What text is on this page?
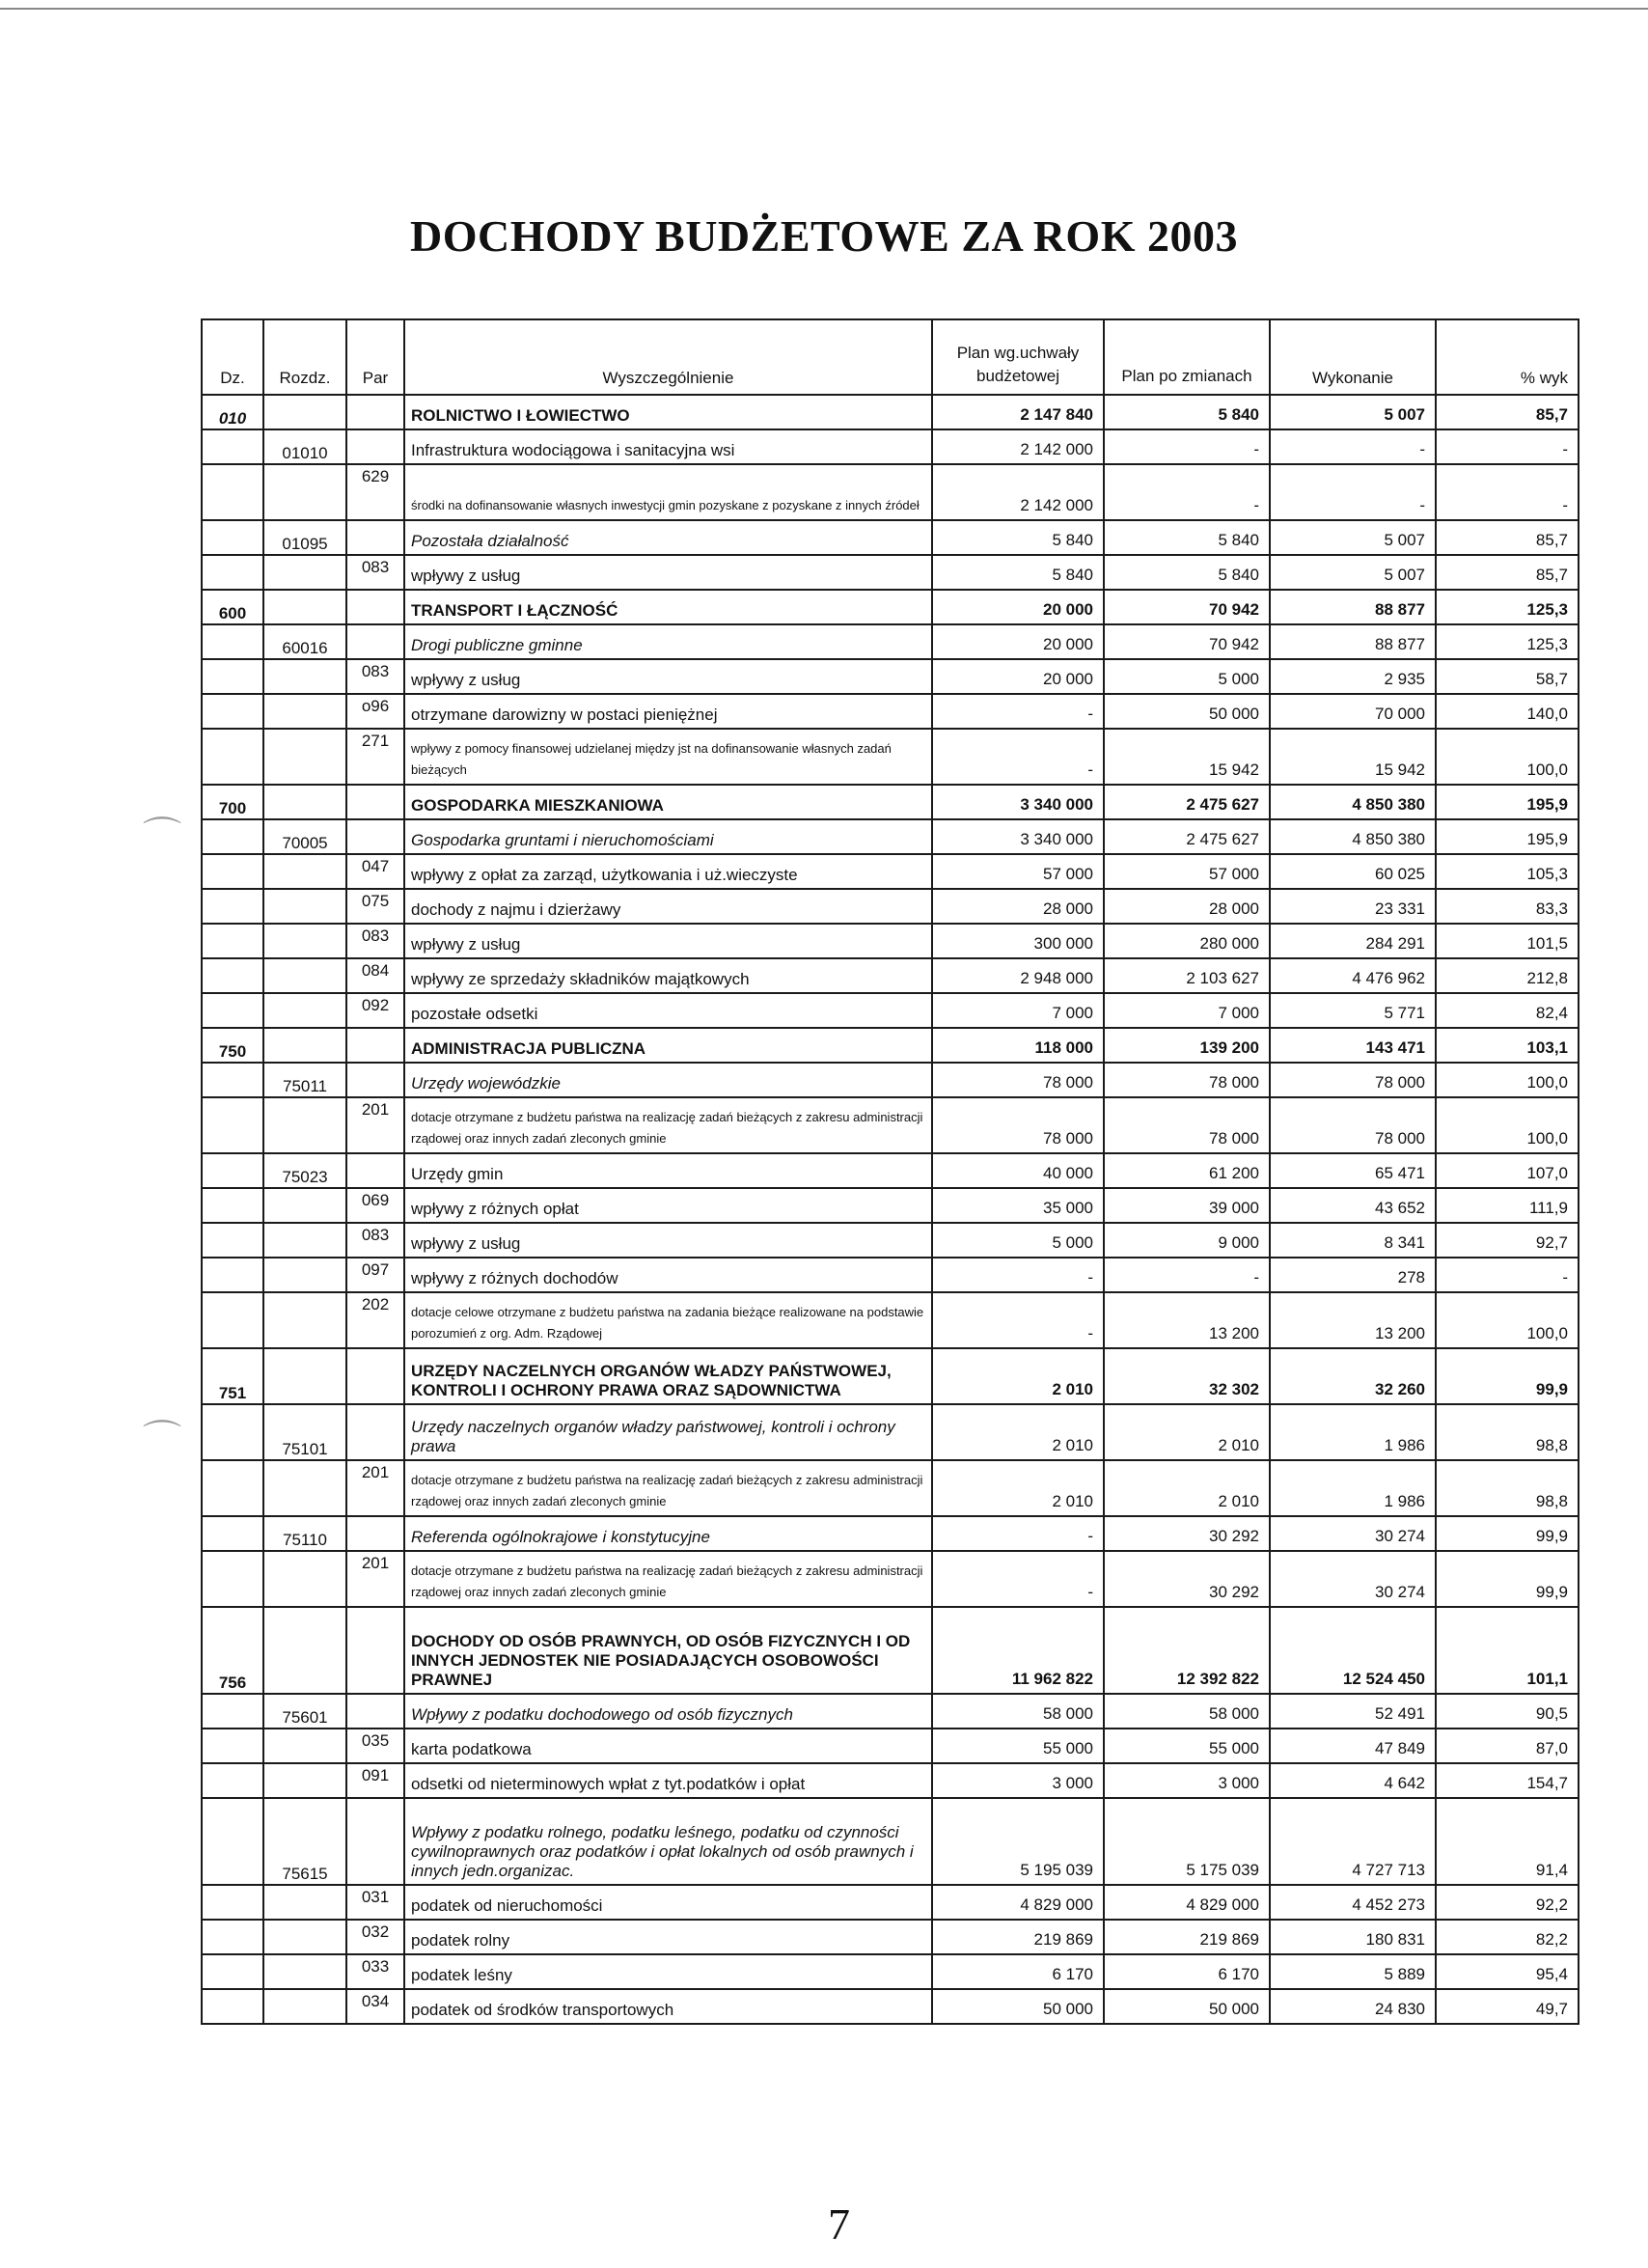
DOCHODY BUDŻETOWE ZA ROK 2003
Dz.	Rozdz.	Par	Wyszczególnienie	Plan wg.uchwały budżetowej	Plan po zmianach	Wykonanie	% wyk
010			ROLNICTWO I ŁOWIECTWO	2 147 840	5 840	5 007	85,7
	01010		Infrastruktura wodociągowa i sanitacyjna wsi	2 142 000	-	-	-
		629	środki na dofinansowanie własnych inwestycji gmin pozyskane z pozyskane z innych źródeł	2 142 000	-	-	-
	01095		Pozostała działalność	5 840	5 840	5 007	85,7
		083	wpływy z usług	5 840	5 840	5 007	85,7
600			TRANSPORT I ŁĄCZNOŚĆ	20 000	70 942	88 877	125,3
	60016		Drogi publiczne gminne	20 000	70 942	88 877	125,3
		083	wpływy z usług	20 000	5 000	2 935	58,7
		o96	otrzymane darowizny w postaci pieniężnej	-	50 000	70 000	140,0
		271	wpływy z pomocy finansowej udzielanej między jst na dofinansowanie własnych zadań bieżących	-	15 942	15 942	100,0
700			GOSPODARKA MIESZKANIOWA	3 340 000	2 475 627	4 850 380	195,9
	70005		Gospodarka gruntami i nieruchomościami	3 340 000	2 475 627	4 850 380	195,9
		047	wpływy z opłat za zarząd, użytkowania i uż.wieczyste	57 000	57 000	60 025	105,3
		075	dochody z najmu i dzierżawy	28 000	28 000	23 331	83,3
		083	wpływy z usług	300 000	280 000	284 291	101,5
		084	wpływy ze sprzedaży składników majątkowych	2 948 000	2 103 627	4 476 962	212,8
		092	pozostałe odsetki	7 000	7 000	5 771	82,4
750			ADMINISTRACJA PUBLICZNA	118 000	139 200	143 471	103,1
	75011		Urzędy wojewódzkie	78 000	78 000	78 000	100,0
		201	dotacje otrzymane z budżetu państwa na realizację zadań bieżących z zakresu administracji rządowej oraz innych zadań zleconych gminie	78 000	78 000	78 000	100,0
	75023		Urzędy gmin	40 000	61 200	65 471	107,0
		069	wpływy z różnych opłat	35 000	39 000	43 652	111,9
		083	wpływy z usług	5 000	9 000	8 341	92,7
		097	wpływy z różnych dochodów	-	-	278	-
		202	dotacje celowe otrzymane z budżetu państwa na zadania bieżące realizowane na podstawie porozumień z org. Adm. Rządowej	-	13 200	13 200	100,0
751			URZĘDY NACZELNYCH ORGANÓW WŁADZY PAŃSTWOWEJ, KONTROLI I OCHRONY PRAWA ORAZ SĄDOWNICTWA	2 010	32 302	32 260	99,9
	75101		Urzędy naczelnych organów władzy państwowej, kontroli i ochrony prawa	2 010	2 010	1 986	98,8
		201	dotacje otrzymane z budżetu państwa na realizację zadań bieżących z zakresu administracji rządowej oraz innych zadań zleconych gminie	2 010	2 010	1 986	98,8
	75110		Referenda ogólnokrajowe i konstytucyjne	-	30 292	30 274	99,9
		201	dotacje otrzymane z budżetu państwa na realizację zadań bieżących z zakresu administracji rządowej oraz innych zadań zleconych gminie	-	30 292	30 274	99,9
756			DOCHODY OD OSÓB PRAWNYCH, OD OSÓB FIZYCZNYCH I OD INNYCH JEDNOSTEK NIE POSIADAJĄCYCH OSOBOWOŚCI PRAWNEJ	11 962 822	12 392 822	12 524 450	101,1
	75601		Wpływy z podatku dochodowego od osób fizycznych	58 000	58 000	52 491	90,5
		035	karta podatkowa	55 000	55 000	47 849	87,0
		091	odsetki od nieterminowych wpłat z tyt.podatków i opłat	3 000	3 000	4 642	154,7
	75615		Wpływy z podatku rolnego, podatku leśnego, podatku od czynności cywilnoprawnych oraz podatków i opłat lokalnych od osób prawnych i innych jedn.organizac.	5 195 039	5 175 039	4 727 713	91,4
		031	podatek od nieruchomości	4 829 000	4 829 000	4 452 273	92,2
		032	podatek rolny	219 869	219 869	180 831	82,2
		033	podatek leśny	6 170	6 170	5 889	95,4
		034	podatek od środków transportowych	50 000	50 000	24 830	49,7
⌒
⌒
7
